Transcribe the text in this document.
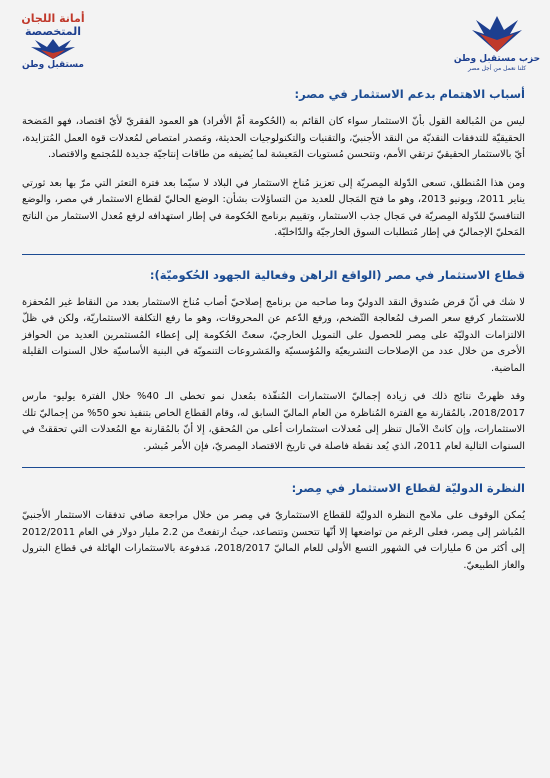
حزب مستقبل وطن
كلنا نعمل من أجل مصر
أمانة اللجان
المتخصصة
مستقبل وطن
أسباب الاهتمام بدعم الاستثمار في مصر:
ليس من المُبالغة القول بأنّ الاستثمار سواء كان القائم به (الحُكومة أمْ الأفراد) هو العمود الفقريّ لأيّ اقتصاد، فهو المَضخة الحقيقيّة للتدفقات النقديّة من النقد الأجنبيّ، والتقنيات والتكنولوجيات الحديثة، ومَصدر امتصاص لمُعدلات قوة العمل المُتزايدة، أيّ بالاستثمار الحقيقيّ ترتقي الأمم، وتتحسن مُستويات المَعيشة لما يُضيفه من طاقات إنتاجيّة جديدة للمُجتمع والاقتصاد.
ومن هذا المُنطلق، تسعى الدّولة المِصريّة إلى تعزيز مُناخ الاستثمار في البلاد لا سيّما بعد فترة التعثر التي مرّ بها بعد ثورتي يناير 2011، ويونيو 2013، وهو ما فتح المَجال للعديد من التساؤلات بشأن: الوضع الحاليّ لقطاع الاستثمار في مصر، والوضع التنافسيّ للدّولة المِصريّة في مَجال جذب الاستثمار، وتقييم برنامج الحُكومة في إطار استهدافه لرفع مُعدل الاستثمار من الناتج المَحليّ الإجماليّ في إطار مُتطلبات السوق الخارجيّة والدّاخليّة.
قطاع الاستثمار في مصر (الواقع الراهن وفعالية الجهود الحُكوميّة):
لا شك في أنّ قرض صُندوق النقد الدوليّ وما صاحبه من برنامج إصلاحيّ أصاب مُناخ الاستثمار بعدد من النقاط غير المُحفزة للاستثمار كرفع سعر الصرف لمُعالجة التّضخم، ورفع الدّعم عن المحروقات، وهو ما رفع التكلفة الاستثماريّة، ولكن في ظلّ الالتزامات الدوليّة على مِصر للحصول على التمويل الخارجيّ، سعتْ الحُكومة إلى إعطاء المُستثمرين العديد من الحوافز الأخرى من خلال عدد من الإصلاحات التشريعيّة والمُؤسسيّة والمَشروعات التنمويّة في البنية الأساسيّة خلال السنوات القليلة الماضية.
وقد ظهرتْ نتائج ذلك في زيادة إجماليّ الاستثمارات المُنفّذة بمُعدل نمو تخطى الـ 40% خلال الفترة يوليو- مارس 2018/2017، بالمُقارنة مع الفترة المُناظرة من العام الماليّ السابق له، وقام القطاع الخاص بتنفيذ نحو 50% من إجماليّ تلك الاستثمارات، وإن كانتْ الآمال تنظر إلى مُعدلات استثمارات أعلى من المُحقق، إلا أنّ بالمُقارنة مع المُعدلات التي تحققتْ في السنوات التالية لعام 2011، الذي يُعد نقطة فاصلة في تاريخ الاقتصاد المِصريّ، فإن الأمر مُبشر.
النظرة الدوليّة لقطاع الاستثمار في مِصر:
يُمكن الوقوف على ملامح النظرة الدوليّة للقطاع الاستثماريّ في مِصر من خلال مراجعة صافي تدفقات الاستثمار الأجنبيّ المُباشر إلى مِصر، فعلى الرغم من تواضعها إلا أنّها تتحسن وتتصاعد، حيثُ ارتفعتْ من 2.2 مليار دولار في العام 2012/2011 إلى أكثر من 6 مليارات في الشهور التسع الأولى للعام الماليّ 2018/2017، مَدفوعة بالاستثمارات الهائلة في قطاع البترول والغاز الطبيعيّ.
